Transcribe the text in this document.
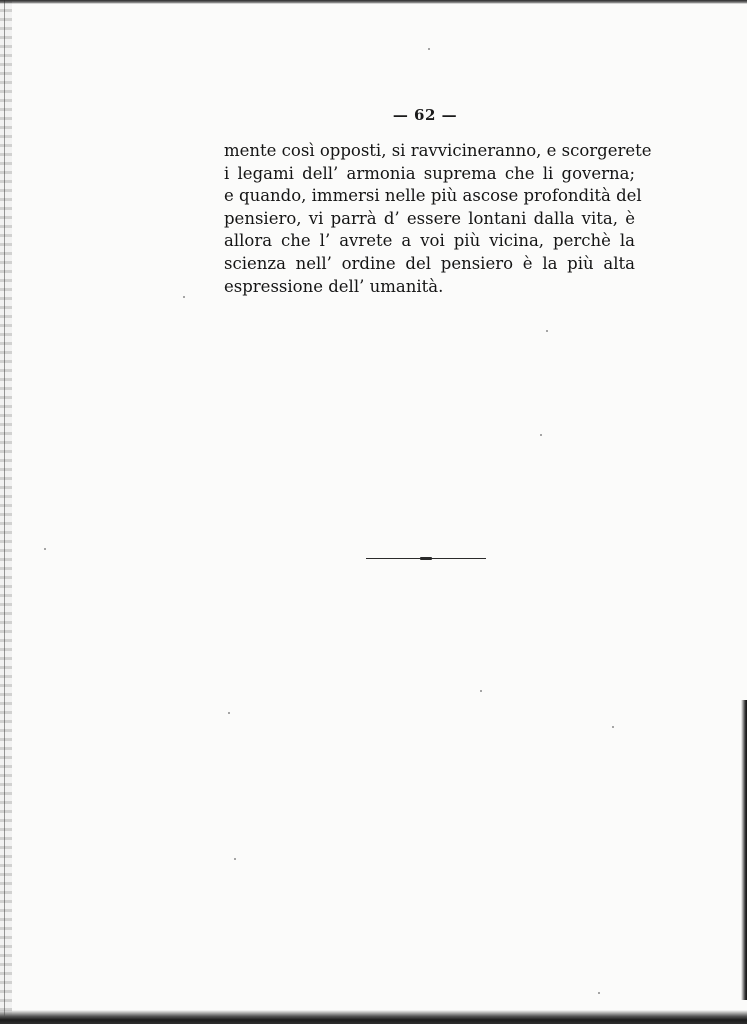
— 62 —
mente così opposti, si ravvicineranno, e scorgerete
i legami dell’ armonia suprema che li governa;
e quando, immersi nelle più ascose profondità del
pensiero, vi parrà d’ essere lontani dalla vita, è
allora che l’ avrete a voi più vicina, perchè la
scienza nell’ ordine del pensiero è la più alta
espressione dell’ umanità.
